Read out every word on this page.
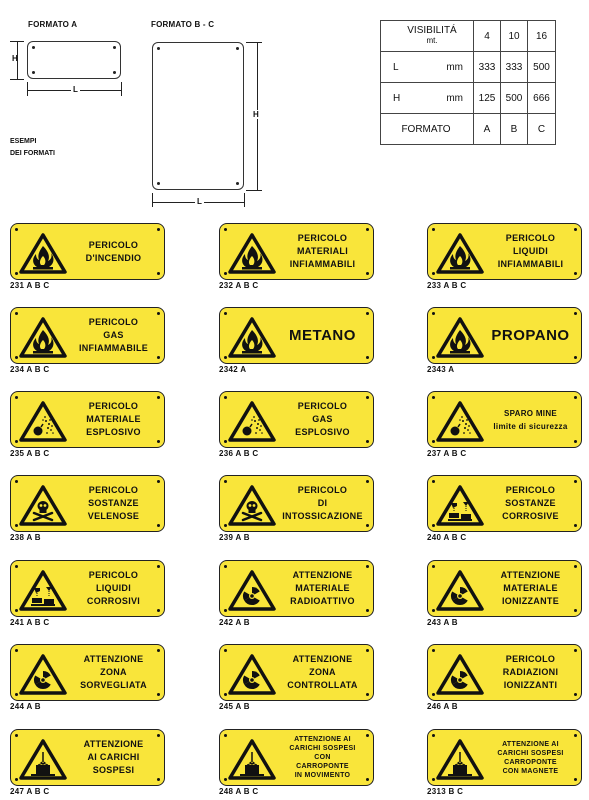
FORMATO A
H
L
ESEMPI
DEI FORMATI
FORMATO B - C
H
L
VISIBILITÁ
mt.	4	10	16

L mm	333	333	500

H mm	125	500	666
FORMATO	A	B	C
PERICOLO
D'INCENDIO
231 A B C
PERICOLO
MATERIALI
INFIAMMABILI
232 A B C
PERICOLO
LIQUIDI
INFIAMMABILI
233 A B C
PERICOLO
GAS
INFIAMMABILE
234 A B C
METANO
2342 A
PROPANO
2343 A
PERICOLO
MATERIALE
ESPLOSIVO
235 A B C
PERICOLO
GAS
ESPLOSIVO
236 A B C
SPARO MINE
limite di sicurezza
237 A B C
PERICOLO
SOSTANZE
VELENOSE
238 A B
PERICOLO
DI
INTOSSICAZIONE
239 A B
PERICOLO
SOSTANZE
CORROSIVE
240 A B C
PERICOLO
LIQUIDI
CORROSIVI
241 A B C
ATTENZIONE
MATERIALE
RADIOATTIVO
242 A B
ATTENZIONE
MATERIALE
IONIZZANTE
243 A B
ATTENZIONE
ZONA
SORVEGLIATA
244 A B
ATTENZIONE
ZONA
CONTROLLATA
245 A B
PERICOLO
RADIAZIONI
IONIZZANTI
246 A B
ATTENZIONE
AI CARICHI
SOSPESI
247 A B C
ATTENZIONE AI
CARICHI SOSPESI
CON
CARROPONTE
IN MOVIMENTO
248 A B C
ATTENZIONE AI
CARICHI SOSPESI
CARROPONTE
CON MAGNETE
2313 B C
